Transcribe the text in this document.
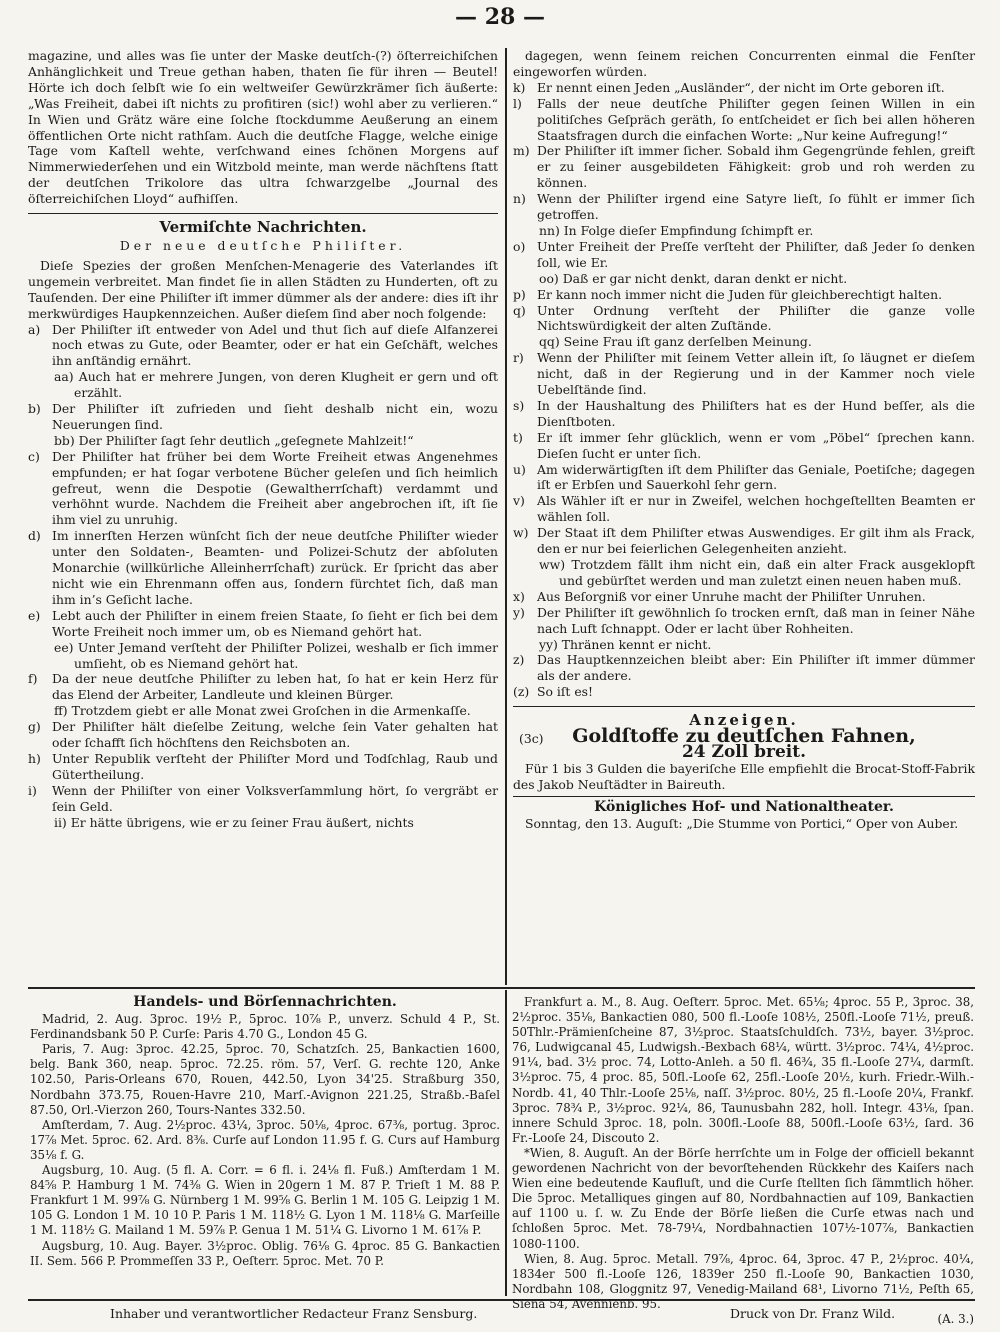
— 28 —

magazine, und alles was ſie unter der Maske deutſch-(?) öſterreichiſchen Anhänglichkeit und Treue gethan haben, thaten ſie für ihren — Beutel! Hörte ich doch ſelbſt wie ſo ein weltweiſer Gewürzkrämer ſich äußerte: „Was Freiheit, dabei iſt nichts zu profitiren (sic!) wohl aber zu verlieren.“ In Wien und Grätz wäre eine ſolche ſtockdumme Aeußerung an einem öffentlichen Orte nicht rathſam. Auch die deutſche Flagge, welche einige Tage vom Kaſtell wehte, verſchwand eines ſchönen Morgens auf Nimmerwiederſehen und ein Witzbold meinte, man werde nächſtens ſtatt der deutſchen Trikolore das ultra ſchwarzgelbe „Journal des öſterreichiſchen Lloyd“ aufhiſſen.

Vermiſchte Nachrichten.
Der neue deutſche Philiſter.

Dieſe Spezies der großen Menſchen-Menagerie des Vaterlandes iſt ungemein verbreitet. Man findet ſie in allen Städten zu Hunderten, oft zu Tauſenden. Der eine Philiſter iſt immer dümmer als der andere: dies iſt ihr merkwürdiges Haupkennzeichen. Außer dieſem ſind aber noch folgende:

a) Der Philiſter iſt entweder von Adel und thut ſich auf dieſe Alfanzerei noch etwas zu Gute, oder Beamter, oder er hat ein Geſchäft, welches ihn anſtändig ernährt.
aa) Auch hat er mehrere Jungen, von deren Klugheit er gern und oft erzählt.
b) Der Philiſter iſt zufrieden und ſieht deshalb nicht ein, wozu Neuerungen ſind.
bb) Der Philiſter ſagt ſehr deutlich „geſegnete Mahlzeit!“
c) Der Philiſter hat früher bei dem Worte Freiheit etwas Angenehmes empfunden; er hat ſogar verbotene Bücher geleſen und ſich heimlich gefreut, wenn die Despotie (Gewaltherrſchaft) verdammt und verhöhnt wurde. Nachdem die Freiheit aber angebrochen iſt, iſt ſie ihm viel zu unruhig.
d) Im innerſten Herzen wünſcht ſich der neue deutſche Philiſter wieder unter den Soldaten-, Beamten- und Polizei-Schutz der abſoluten Monarchie (willkürliche Alleinherrſchaft) zurück. Er ſpricht das aber nicht wie ein Ehrenmann offen aus, ſondern fürchtet ſich, daß man ihm in’s Geſicht lache.
e) Lebt auch der Philiſter in einem freien Staate, ſo ſieht er ſich bei dem Worte Freiheit noch immer um, ob es Niemand gehört hat.
ee) Unter Jemand verſteht der Philiſter Polizei, weshalb er ſich immer umſieht, ob es Niemand gehört hat.
f) Da der neue deutſche Philiſter zu leben hat, ſo hat er kein Herz für das Elend der Arbeiter, Landleute und kleinen Bürger.
ff) Trotzdem giebt er alle Monat zwei Groſchen in die Armenkaſſe.
g) Der Philiſter hält dieſelbe Zeitung, welche ſein Vater gehalten hat oder ſchafft ſich höchſtens den Reichsboten an.
h) Unter Republik verſteht der Philiſter Mord und Todſchlag, Raub und Gütertheilung.
i) Wenn der Philiſter von einer Volksverſammlung hört, ſo vergräbt er ſein Geld.
ii) Er hätte übrigens, wie er zu ſeiner Frau äußert, nichts

dagegen, wenn ſeinem reichen Concurrenten einmal die Fenſter eingeworfen würden.

k) Er nennt einen Jeden „Ausländer“, der nicht im Orte geboren iſt.
l) Falls der neue deutſche Philiſter gegen ſeinen Willen in ein politiſches Geſpräch geräth, ſo entſcheidet er ſich bei allen höheren Staatsfragen durch die einfachen Worte: „Nur keine Aufregung!“
m) Der Philiſter iſt immer ſicher. Sobald ihm Gegengründe fehlen, greift er zu ſeiner ausgebildeten Fähigkeit: grob und roh werden zu können.
n) Wenn der Philiſter irgend eine Satyre lieſt, ſo fühlt er immer ſich getroffen.
nn) In Folge dieſer Empfindung ſchimpft er.
o) Unter Freiheit der Preſſe verſteht der Philiſter, daß Jeder ſo denken ſoll, wie Er.
oo) Daß er gar nicht denkt, daran denkt er nicht.
p) Er kann noch immer nicht die Juden für gleichberechtigt halten.
q) Unter Ordnung verſteht der Philiſter die ganze volle Nichtswürdigkeit der alten Zuſtände.
qq) Seine Frau iſt ganz derſelben Meinung.
r) Wenn der Philiſter mit ſeinem Vetter allein iſt, ſo läugnet er dieſem nicht, daß in der Regierung und in der Kammer noch viele Uebelſtände ſind.
s) In der Haushaltung des Philiſters hat es der Hund beſſer, als die Dienſtboten.
t) Er iſt immer ſehr glücklich, wenn er vom „Pöbel“ ſprechen kann. Dieſen ſucht er unter ſich.
u) Am widerwärtigſten iſt dem Philiſter das Geniale, Poetiſche; dagegen iſt er Erbſen und Sauerkohl ſehr gern.
v) Als Wähler iſt er nur in Zweifel, welchen hochgeſtellten Beamten er wählen ſoll.
w) Der Staat iſt dem Philiſter etwas Auswendiges. Er gilt ihm als Frack, den er nur bei feierlichen Gelegenheiten anzieht.
ww) Trotzdem fällt ihm nicht ein, daß ein alter Frack ausgeklopft und gebürſtet werden und man zuletzt einen neuen haben muß.
x) Aus Beſorgniß vor einer Unruhe macht der Philiſter Unruhen.
y) Der Philiſter iſt gewöhnlich ſo trocken ernſt, daß man in ſeiner Nähe nach Luft ſchnappt. Oder er lacht über Rohheiten.
yy) Thränen kennt er nicht.
z) Das Hauptkennzeichen bleibt aber: Ein Philiſter iſt immer dümmer als der andere.
(z) So iſt es!
Anzeigen.
(3c)	Goldſtoffe zu deutſchen Fahnen,
24 Zoll breit.

Für 1 bis 3 Gulden die bayeriſche Elle empfiehlt die Brocat-Stoff-Fabrik des Jakob Neuſtädter in Baireuth.

Königliches Hof- und Nationaltheater.

Sonntag, den 13. Auguſt: „Die Stumme von Portici,“ Oper von Auber.

Handels- und Börſennachrichten.

Madrid, 2. Aug. 3proc. 19½ P., 5proc. 10⅞ P., unverz. Schuld 4 P., St. Ferdinandsbank 50 P. Curſe: Paris 4.70 G., London 45 G.

Paris, 7. Aug: 3proc. 42.25, 5proc. 70, Schatzſch. 25, Bankactien 1600, belg. Bank 360, neap. 5proc. 72.25. röm. 57, Verſ. G. rechte 120, Anke 102.50, Paris-Orleans 670, Rouen, 442.50, Lyon 34'25. Straßburg 350, Nordbahn 373.75, Rouen-Havre 210, Marſ.-Avignon 221.25, Straßb.-Baſel 87.50, Orl.-Vierzon 260, Tours-Nantes 332.50.

Amſterdam, 7. Aug. 2½proc. 43¼, 3proc. 50⅛, 4proc. 67⅜, portug. 3proc. 17⅞ Met. 5proc. 62. Ard. 8⅜. Curſe auf London 11.95 f. G. Curs auf Hamburg 35⅛ f. G.

Augsburg, 10. Aug. (5 fl. A. Corr. = 6 fl. i. 24⅛ fl. Fuß.) Amſterdam 1 M. 84⅝ P. Hamburg 1 M. 74⅜ G. Wien in 20gern 1 M. 87 P. Trieſt 1 M. 88 P. Frankfurt 1 M. 99⅞ G. Nürnberg 1 M. 99⅝ G. Berlin 1 M. 105 G. Leipzig 1 M. 105 G. London 1 M. 10 10 P. Paris 1 M. 118½ G. Lyon 1 M. 118⅛ G. Marſeille 1 M. 118½ G. Mailand 1 M. 59⅞ P. Genua 1 M. 51¼ G. Livorno 1 M. 61⅞ P.

Augsburg, 10. Aug. Bayer. 3½proc. Oblig. 76⅛ G. 4proc. 85 G. Bankactien II. Sem. 566 P. Prommeſſen 33 P., Oeſterr. 5proc. Met. 70 P.

Frankfurt a. M., 8. Aug. Oeſterr. 5proc. Met. 65⅛; 4proc. 55 P., 3proc. 38, 2½proc. 35⅛, Bankactien 080, 500 fl.-Looſe 108½, 250fl.-Looſe 71½, preuß. 50Thlr.-Prämienſcheine 87, 3½proc. Staatsſchuldſch. 73½, bayer. 3½proc. 76, Ludwigcanal 45, Ludwigsh.-Bexbach 68¼, württ. 3½proc. 74¼, 4½proc. 91¼, bad. 3½ proc. 74, Lotto-Anleh. a 50 fl. 46¾, 35 fl.-Looſe 27¼, darmſt. 3½proc. 75, 4 proc. 85, 50fl.-Looſe 62, 25fl.-Looſe 20½, kurh. Friedr.-Wilh.-Nordb. 41, 40 Thlr.-Looſe 25⅛, naſſ. 3½proc. 80½, 25 fl.-Looſe 20¼, Frankf. 3proc. 78¾ P., 3½proc. 92¼, 86, Taunusbahn 282, holl. Integr. 43⅛, ſpan. innere Schuld 3proc. 18, poln. 300fl.-Looſe 88, 500fl.-Looſe 63½, ſard. 36 Fr.-Looſe 24, Discouto 2.

*Wien, 8. Auguſt. An der Börſe herrſchte um in Folge der officiell bekannt gewordenen Nachricht von der bevorſtehenden Rückkehr des Kaiſers nach Wien eine bedeutende Kaufluſt, und die Curſe ſtellten ſich ſämmtlich höher. Die 5proc. Metalliques gingen auf 80, Nordbahnactien auf 109, Bankactien auf 1100 u. ſ. w. Zu Ende der Börſe ließen die Curſe etwas nach und ſchloßen 5proc. Met. 78-79¼, Nordbahnactien 107½-107⅞, Bankactien 1080-1100.

Wien, 8. Aug. 5proc. Metall. 79⅞, 4proc. 64, 3proc. 47 P., 2½proc. 40¼, 1834er 500 fl.-Looſe 126, 1839er 250 fl.-Looſe 90, Bankactien 1030, Nordbahn 108, Gloggnitz 97, Venedig-Mailand 68¹, Livorno 71½, Peſth 65, Siena 54, Avennienb. 95.

(A. 3.)
Inhaber und verantwortlicher Redacteur Franz Sensburg.	Druck von Dr. Franz Wild.
